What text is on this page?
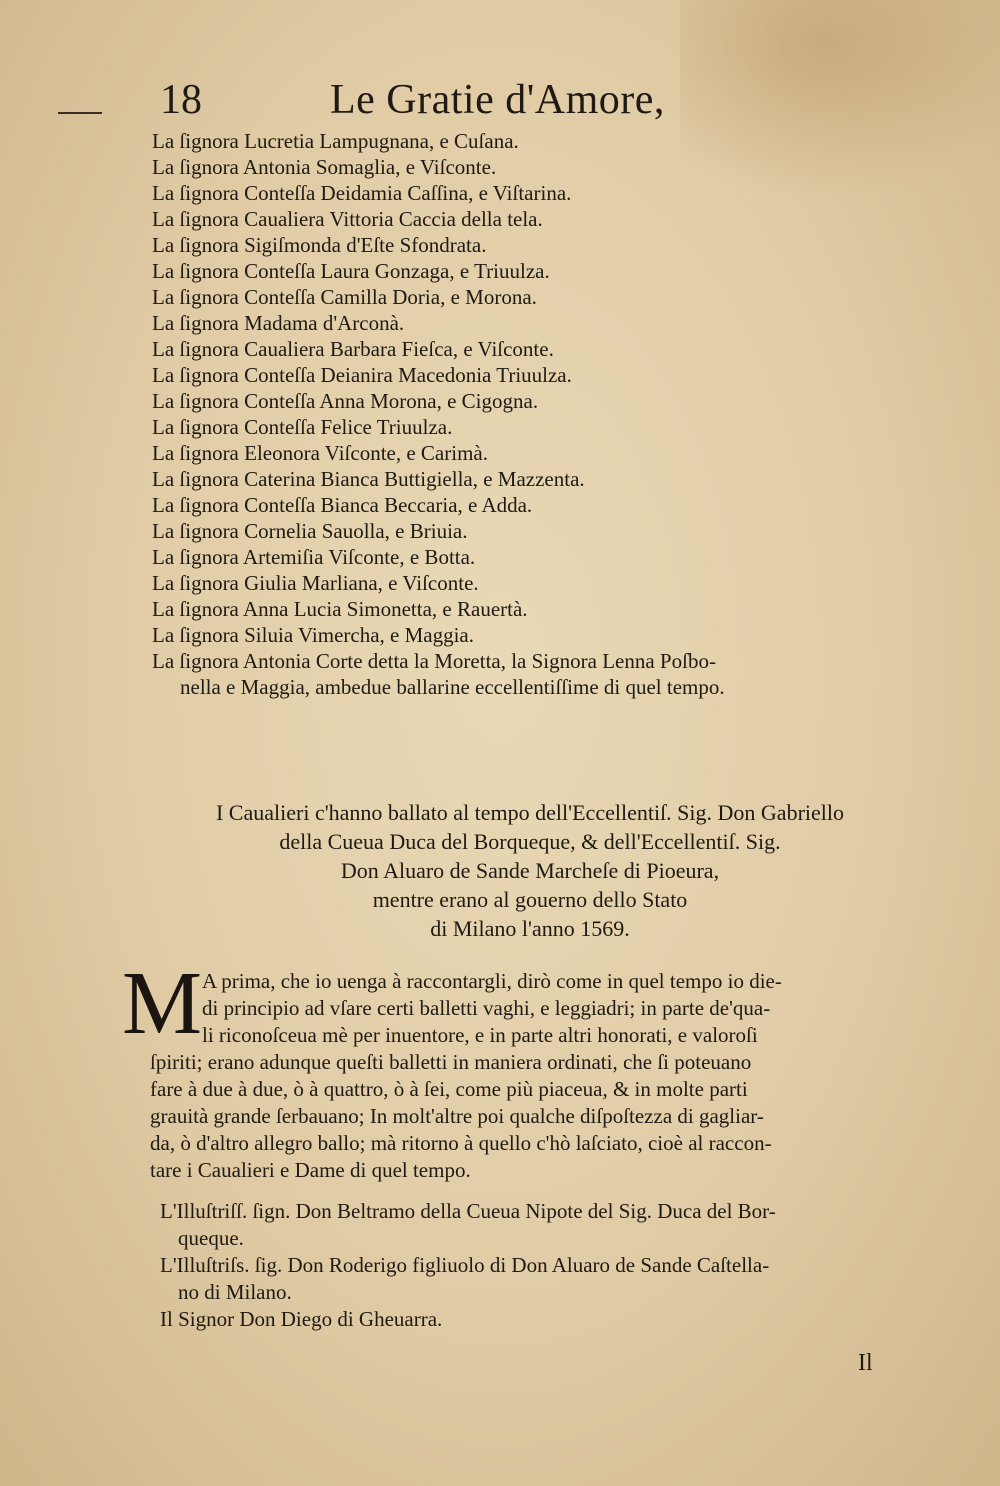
18	Le Gratie d'Amore,
La ſignora Lucretia Lampugnana, e Cuſana.
La ſignora Antonia Somaglia, e Viſconte.
La ſignora Conteſſa Deidamia Caſſina, e Viſtarina.
La ſignora Caualiera Vittoria Caccia della tela.
La ſignora Sigiſmonda d'Eſte Sfondrata.
La ſignora Conteſſa Laura Gonzaga, e Triuulza.
La ſignora Conteſſa Camilla Doria, e Morona.
La ſignora Madama d'Arconà.
La ſignora Caualiera Barbara Fieſca, e Viſconte.
La ſignora Conteſſa Deianira Macedonia Triuulza.
La ſignora Conteſſa Anna Morona, e Cigogna.
La ſignora Conteſſa Felice Triuulza.
La ſignora Eleonora Viſconte, e Carimà.
La ſignora Caterina Bianca Buttigiella, e Mazzenta.
La ſignora Conteſſa Bianca Beccaria, e Adda.
La ſignora Cornelia Sauolla, e Briuia.
La ſignora Artemiſia Viſconte, e Botta.
La ſignora Giulia Marliana, e Viſconte.
La ſignora Anna Lucia Simonetta, e Rauertà.
La ſignora Siluia Vimercha, e Maggia.
La ſignora Antonia Corte detta la Moretta, la Signora Lenna Poſbo-
nella e Maggia, ambedue ballarine eccellentiſſime di quel tempo.
I Caualieri c'hanno ballato al tempo dell'Eccellentiſ. Sig. Don Gabriello
della Cueua Duca del Borqueque, & dell'Eccellentiſ. Sig.
Don Aluaro de Sande Marcheſe di Pioeura,
mentre erano al gouerno dello Stato
di Milano l'anno 1569.
M A prima, che io uenga à raccontargli, dirò come in quel tempo io die-
di principio ad vſare certi balletti vaghi, e leggiadri; in parte de'qua-
li riconoſceua mè per inuentore, e in parte altri honorati, e valoroſi
ſpiriti; erano adunque queſti balletti in maniera ordinati, che ſi poteuano
fare à due à due, ò à quattro, ò à ſei, come più piaceua, & in molte parti
grauità grande ſerbauano; In molt'altre poi qualche diſpoſtezza di gagliar-
da, ò d'altro allegro ballo; mà ritorno à quello c'hò laſciato, cioè al raccon-
tare i Caualieri e Dame di quel tempo.
L'Illuſtriſſ. ſign. Don Beltramo della Cueua Nipote del Sig. Duca del Bor-
queque.
L'Illuſtriſs. ſig. Don Roderigo figliuolo di Don Aluaro de Sande Caſtella-
no di Milano.
Il Signor Don Diego di Gheuarra.
Il
